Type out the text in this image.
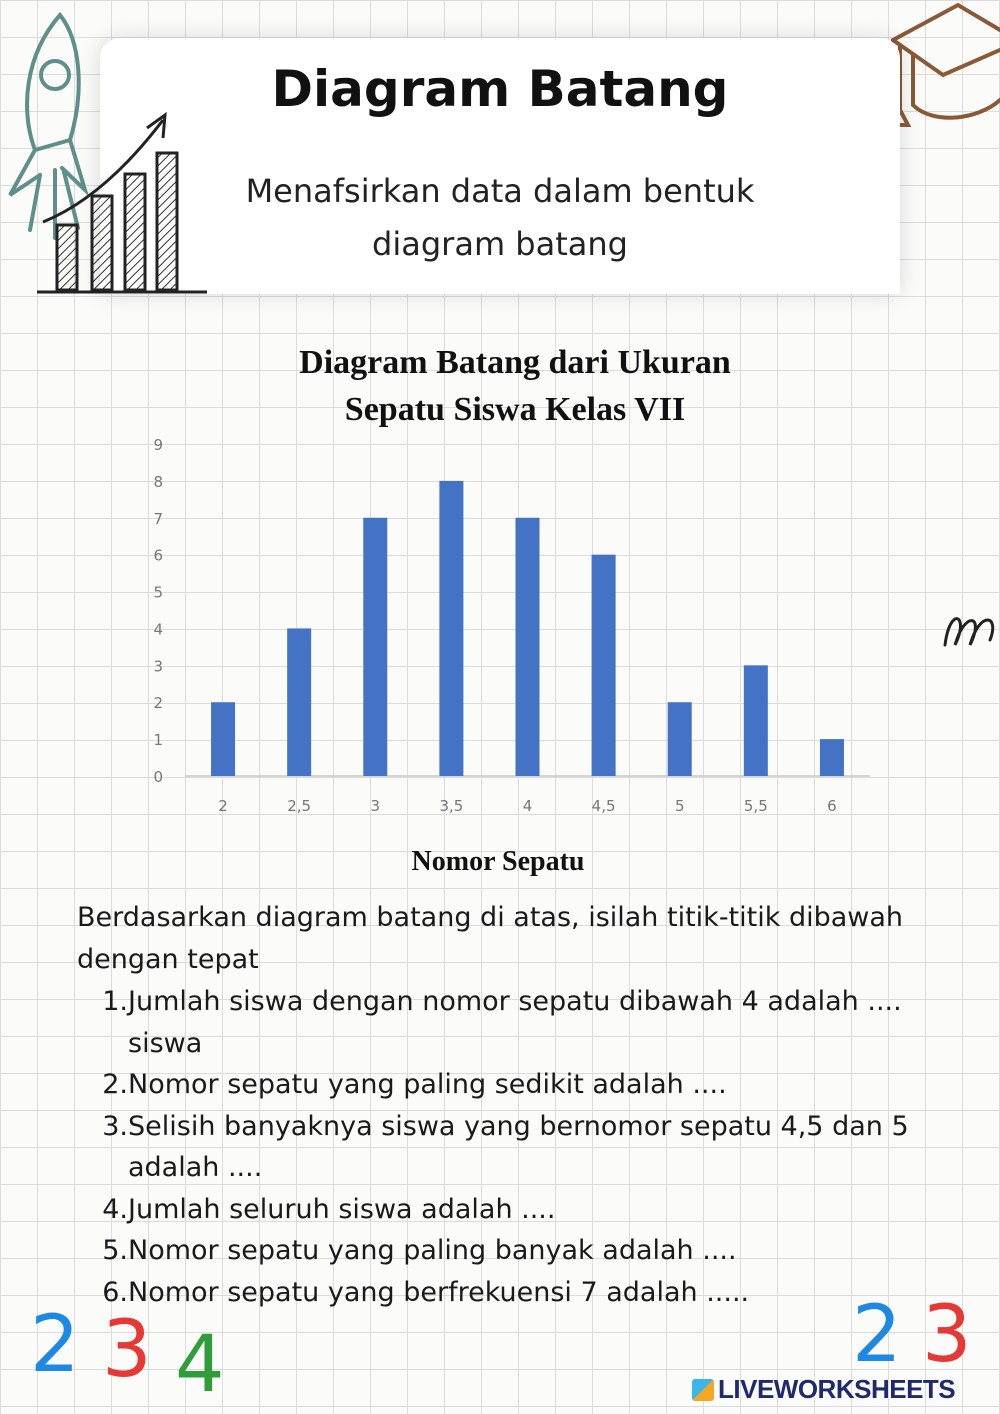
Diagram Batang
Menafsirkan data dalam bentuk
diagram batang
Diagram Batang dari Ukuran
Sepatu Siswa Kelas VII
Nomor Sepatu
0
1
2
3
4
5
6
7
8
9
2	2,5	3	3,5	4	4,5	5	5,5	6
Berdasarkan diagram batang di atas, isilah titik-titik dibawah dengan tepat
1. Jumlah siswa dengan nomor sepatu dibawah 4 adalah .... siswa
2. Nomor sepatu yang paling sedikit adalah ....
3. Selisih banyaknya siswa yang bernomor sepatu 4,5 dan 5 adalah ....
4. Jumlah seluruh siswa adalah ....
5. Nomor sepatu yang paling banyak adalah ....
6. Nomor sepatu yang berfrekuensi 7 adalah .....
2 3 4	2 3
LIVEWORKSHEETS
